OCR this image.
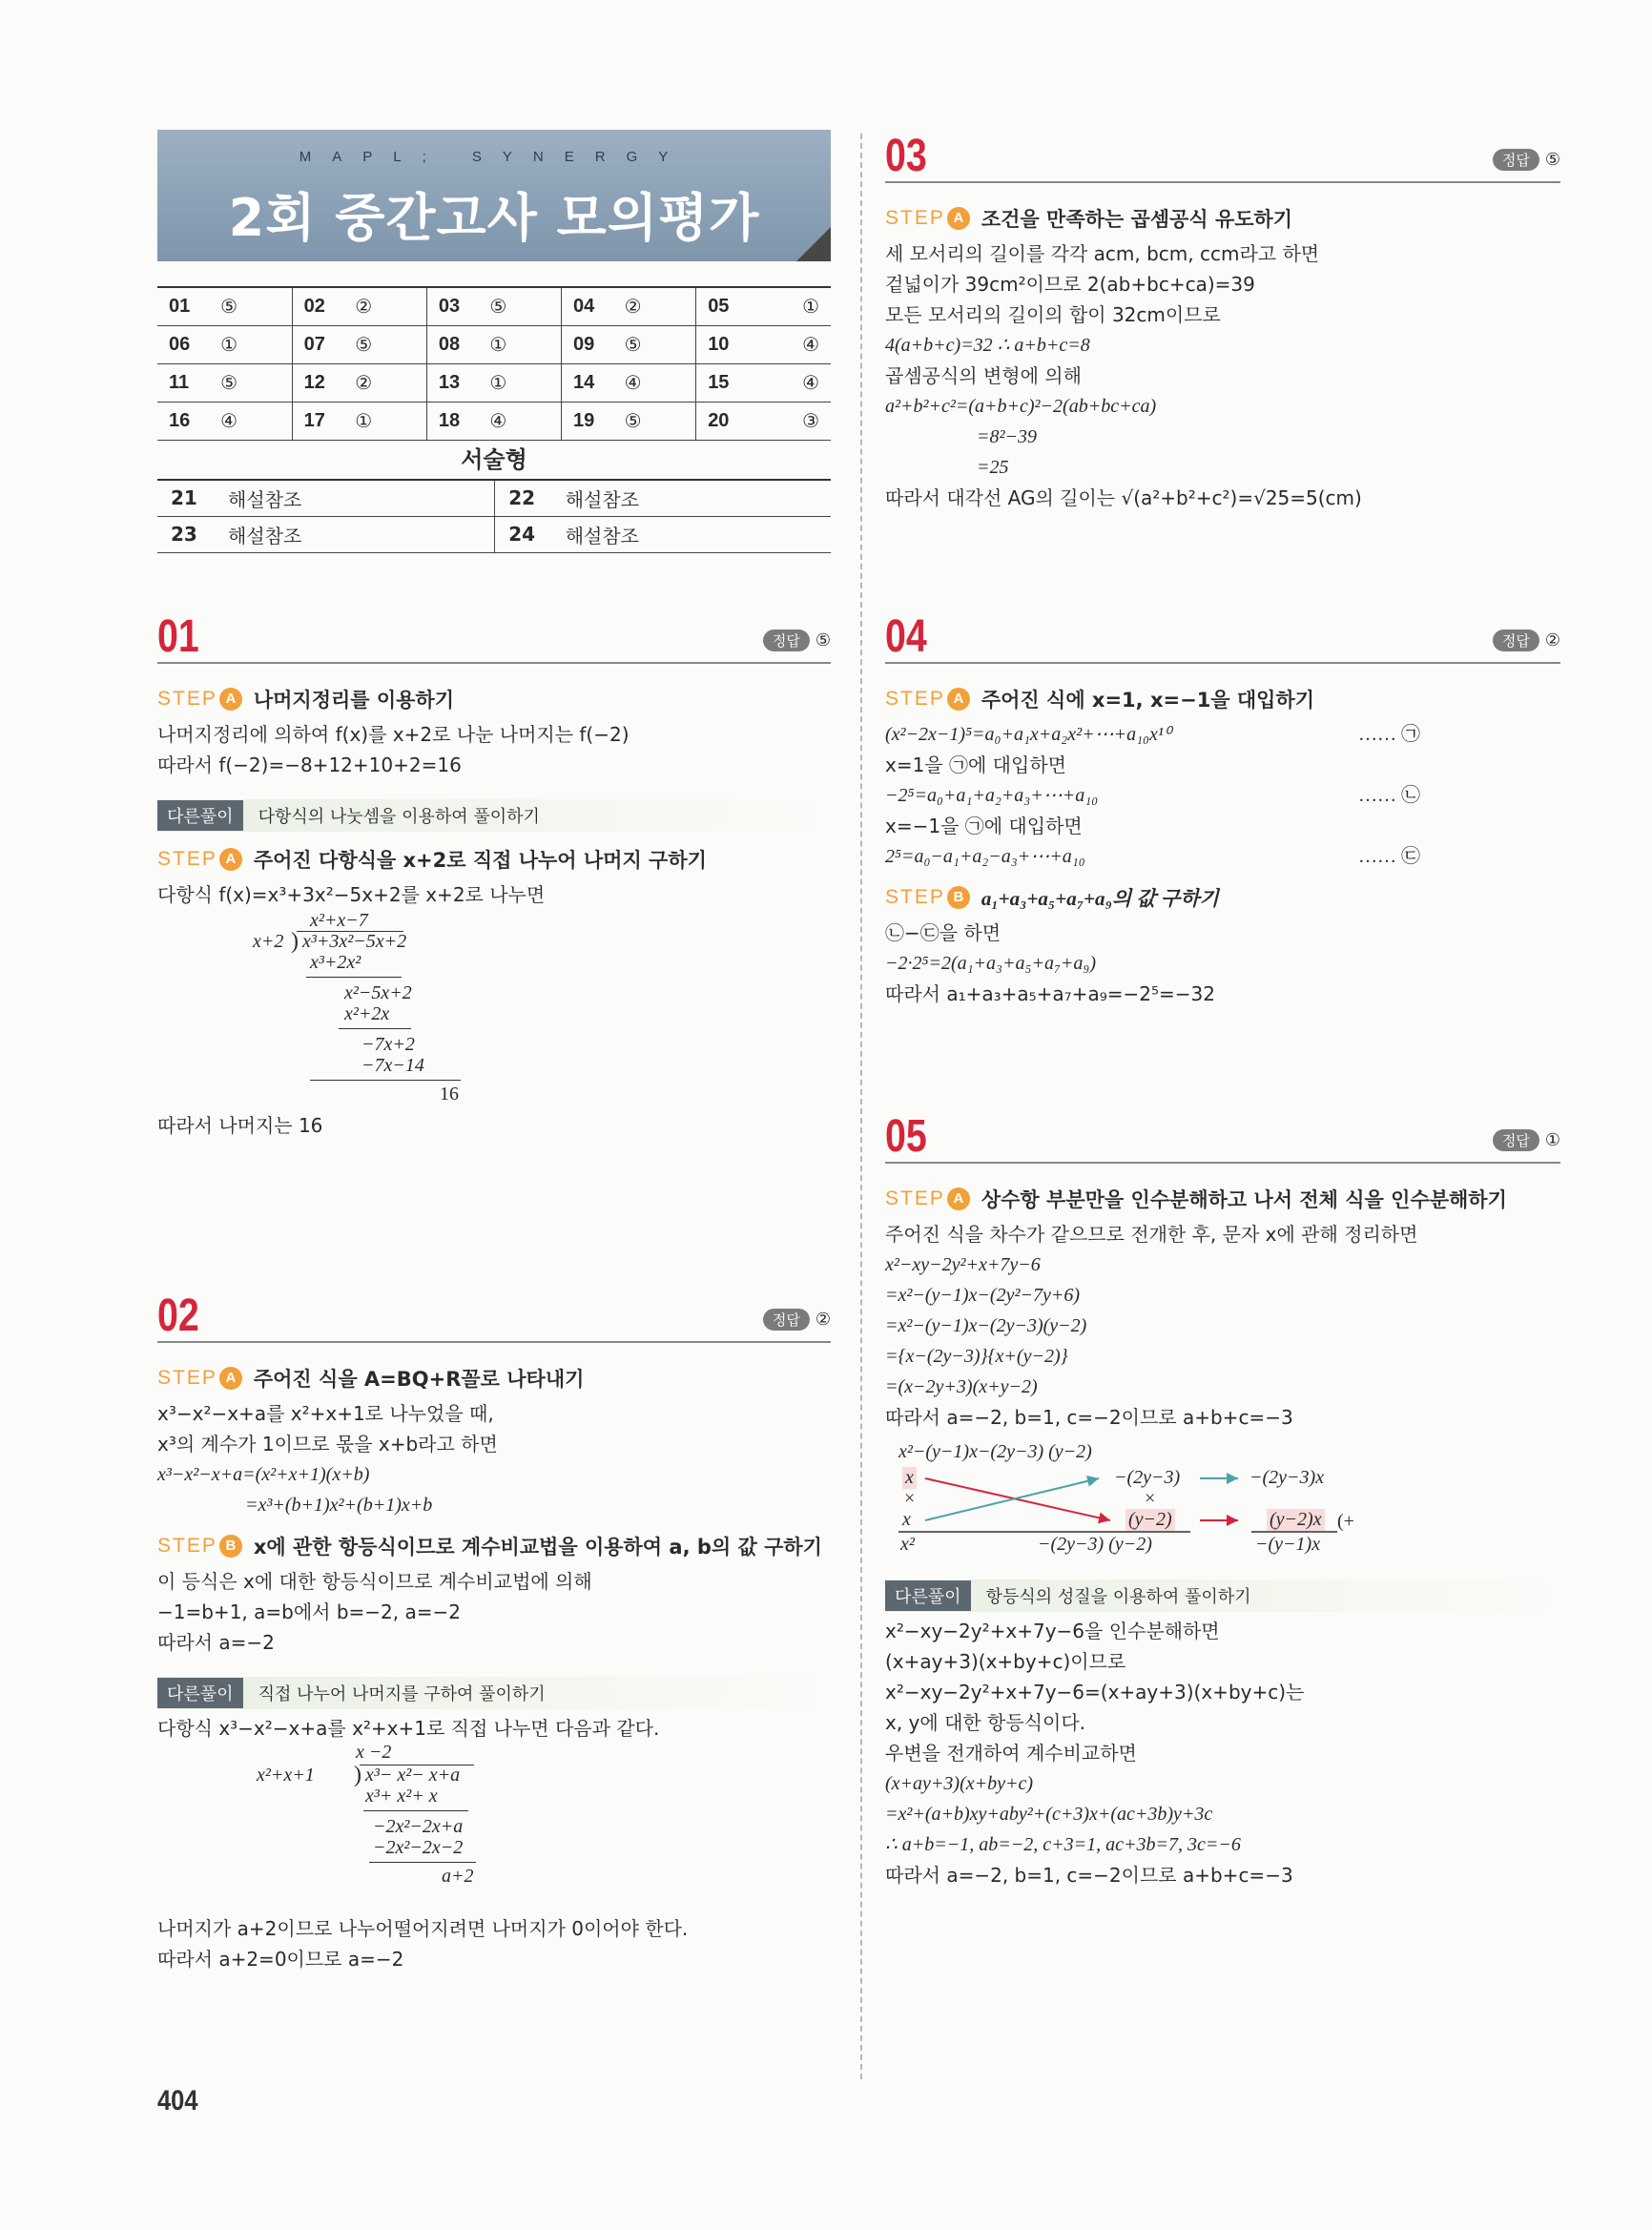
MAPL; SYNERGY
2회 중간고사 모의평가
01	⑤	02	②	03	⑤	04	②	05	①
06	①	07	⑤	08	①	09	⑤	10	④
11	⑤	12	②	13	①	14	④	15	④
16	④	17	①	18	④	19	⑤	20	③
서술형
21	해설참조	22	해설참조
23	해설참조	24	해설참조
01	정답 ⑤
STEP A 나머지정리를 이용하기
나머지정리에 의하여 f(x)를 x+2로 나눈 나머지는 f(−2)
따라서 f(−2)=−8+12+10+2=16
다른풀이	다항식의 나눗셈을 이용하여 풀이하기
STEP A 주어진 다항식을 x+2로 직접 나누어 나머지 구하기
다항식 f(x)=x³+3x²−5x+2를 x+2로 나누면
x²+x−7
x+2 x³+3x²−5x+2
)
x³+2x²
x²−5x+2
x²+2x
−7x+2
−7x−14
16
따라서 나머지는 16
02	정답 ②
STEP A 주어진 식을 A=BQ+R꼴로 나타내기
x³−x²−x+a를 x²+x+1로 나누었을 때,
x³의 계수가 1이므로 몫을 x+b라고 하면
x³−x²−x+a=(x²+x+1)(x+b)
=x³+(b+1)x²+(b+1)x+b
STEP B x에 관한 항등식이므로 계수비교법을 이용하여 a, b의 값 구하기
이 등식은 x에 대한 항등식이므로 계수비교법에 의해
−1=b+1, a=b에서 b=−2, a=−2
따라서 a=−2
다른풀이	직접 나누어 나머지를 구하여 풀이하기
다항식 x³−x²−x+a를 x²+x+1로 직접 나누면 다음과 같다.
x −2
x²+x+1 ) x³− x²− x+a
x³+ x²+ x
−2x²−2x+a
−2x²−2x−2
a+2
나머지가 a+2이므로 나누어떨어지려면 나머지가 0이어야 한다.
따라서 a+2=0이므로 a=−2
03	정답 ⑤
STEP A 조건을 만족하는 곱셈공식 유도하기
세 모서리의 길이를 각각 acm, bcm, ccm라고 하면
겉넓이가 39cm²이므로 2(ab+bc+ca)=39
모든 모서리의 길이의 합이 32cm이므로
4(a+b+c)=32 ∴ a+b+c=8
곱셈공식의 변형에 의해
a²+b²+c²=(a+b+c)²−2(ab+bc+ca)
=8²−39
=25
따라서 대각선 AG의 길이는 √(a²+b²+c²)=√25=5(cm)
04	정답 ②
STEP A 주어진 식에 x=1, x=−1을 대입하기
(x²−2x−1)⁵=a₀+a₁x+a₂x²+⋯+a₁₀x¹⁰	…… ㉠
x=1을 ㉠에 대입하면
−2⁵=a₀+a₁+a₂+a₃+⋯+a₁₀	…… ㉡
x=−1을 ㉠에 대입하면
2⁵=a₀−a₁+a₂−a₃+⋯+a₁₀	…… ㉢
STEP B a₁+a₃+a₅+a₇+a₉의 값 구하기
㉡−㉢을 하면
−2·2⁵=2(a₁+a₃+a₅+a₇+a₉)
따라서 a₁+a₃+a₅+a₇+a₉=−2⁵=−32
05	정답 ①
STEP A 상수항 부분만을 인수분해하고 나서 전체 식을 인수분해하기
주어진 식을 차수가 같으므로 전개한 후, 문자 x에 관해 정리하면
x²−xy−2y²+x+7y−6
=x²−(y−1)x−(2y²−7y+6)
=x²−(y−1)x−(2y−3)(y−2)
={x−(2y−3)}{x+(y−2)}
=(x−2y+3)(x+y−2)
따라서 a=−2, b=1, c=−2이므로 a+b+c=−3
x²−(y−1)x−(2y−3) (y−2)
x
×
x
x²
−(2y−3)
×
(y−2)
−(2y−3) (y−2)
−(2y−3)x
(y−2)x (+
−(y−1)x
다른풀이	항등식의 성질을 이용하여 풀이하기
x²−xy−2y²+x+7y−6을 인수분해하면
(x+ay+3)(x+by+c)이므로
x²−xy−2y²+x+7y−6=(x+ay+3)(x+by+c)는
x, y에 대한 항등식이다.
우변을 전개하여 계수비교하면
(x+ay+3)(x+by+c)
=x²+(a+b)xy+aby²+(c+3)x+(ac+3b)y+3c
∴ a+b=−1, ab=−2, c+3=1, ac+3b=7, 3c=−6
따라서 a=−2, b=1, c=−2이므로 a+b+c=−3
404
